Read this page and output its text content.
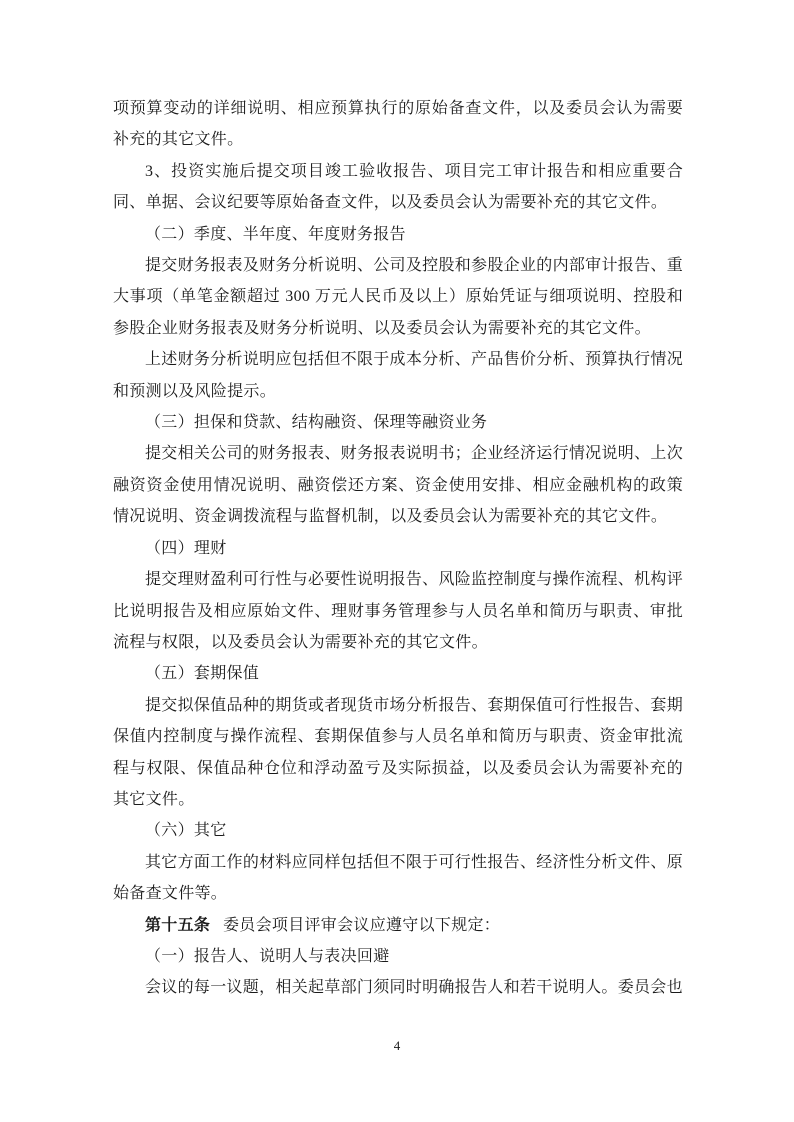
项预算变动的详细说明、相应预算执行的原始备查文件，以及委员会认为需要补充的其它文件。

3、投资实施后提交项目竣工验收报告、项目完工审计报告和相应重要合同、单据、会议纪要等原始备查文件，以及委员会认为需要补充的其它文件。

（二）季度、半年度、年度财务报告

提交财务报表及财务分析说明、公司及控股和参股企业的内部审计报告、重大事项（单笔金额超过 300 万元人民币及以上）原始凭证与细项说明、控股和参股企业财务报表及财务分析说明、以及委员会认为需要补充的其它文件。

上述财务分析说明应包括但不限于成本分析、产品售价分析、预算执行情况和预测以及风险提示。

（三）担保和贷款、结构融资、保理等融资业务

提交相关公司的财务报表、财务报表说明书；企业经济运行情况说明、上次融资资金使用情况说明、融资偿还方案、资金使用安排、相应金融机构的政策情况说明、资金调拨流程与监督机制，以及委员会认为需要补充的其它文件。

（四）理财

提交理财盈利可行性与必要性说明报告、风险监控制度与操作流程、机构评比说明报告及相应原始文件、理财事务管理参与人员名单和简历与职责、审批流程与权限，以及委员会认为需要补充的其它文件。

（五）套期保值

提交拟保值品种的期货或者现货市场分析报告、套期保值可行性报告、套期保值内控制度与操作流程、套期保值参与人员名单和简历与职责、资金审批流程与权限、保值品种仓位和浮动盈亏及实际损益，以及委员会认为需要补充的其它文件。

（六）其它

其它方面工作的材料应同样包括但不限于可行性报告、经济性分析文件、原始备查文件等。

第十五条 委员会项目评审会议应遵守以下规定：

（一）报告人、说明人与表决回避

会议的每一议题，相关起草部门须同时明确报告人和若干说明人。委员会也

4
